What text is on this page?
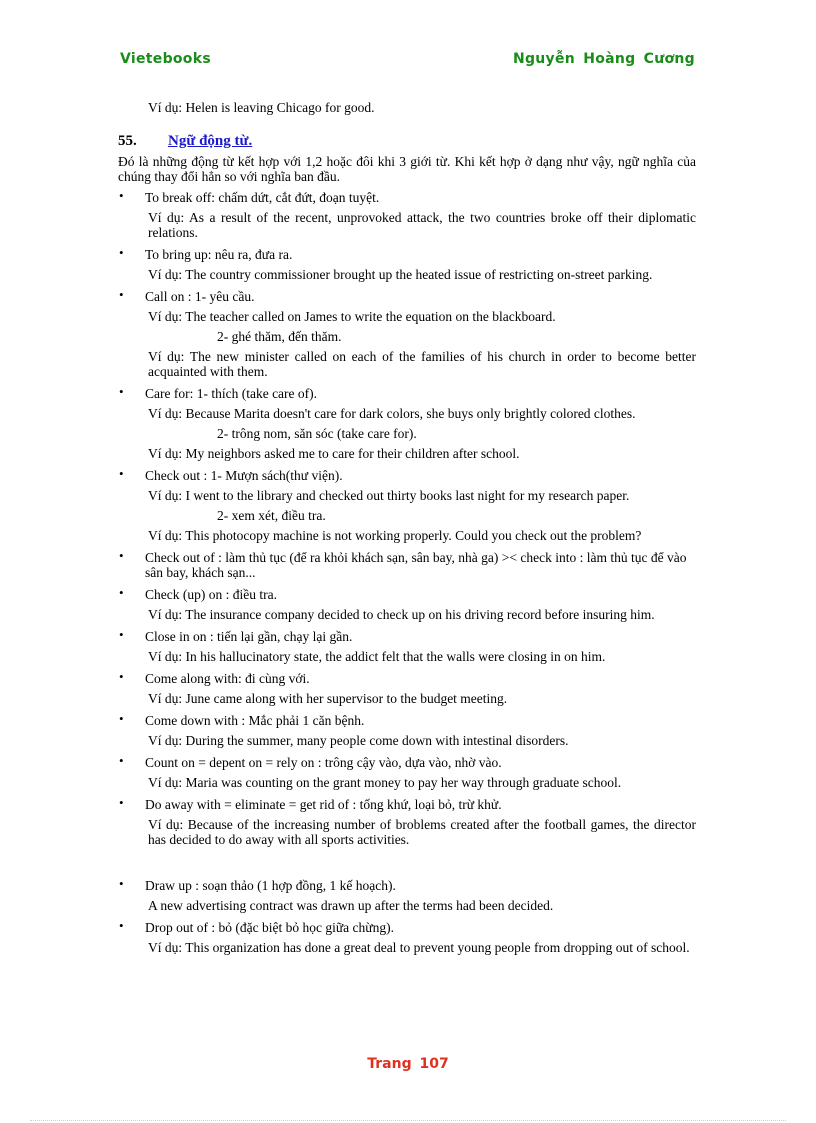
Vietebooks	Nguyễn Hoàng Cương
Ví dụ: Helen is leaving Chicago for good.
55.	Ngữ động từ.
Đó là những động từ kết hợp với 1,2 hoặc đôi khi 3 giới từ. Khi kết hợp ở dạng như vậy, ngữ nghĩa của chúng thay đổi hẳn so với nghĩa ban đầu.
• To break off: chấm dứt, cắt đứt, đoạn tuyệt.
Ví dụ: As a result of the recent, unprovoked attack, the two countries broke off their diplomatic relations.
• To bring up: nêu ra, đưa ra.
Ví dụ: The country commissioner brought up the heated issue of restricting on-street parking.
• Call on : 1- yêu cầu.
Ví dụ: The teacher called on James to write the equation on the blackboard.
2- ghé thăm, đến thăm.
Ví dụ: The new minister called on each of the families of his church in order to become better acquainted with them.
• Care for: 1- thích (take care of).
Ví dụ: Because Marita doesn't care for dark colors, she buys only brightly colored clothes.
2- trông nom, săn sóc (take care for).
Ví dụ: My neighbors asked me to care for their children after school.
• Check out : 1- Mượn sách(thư viện).
Ví dụ: I went to the library and checked out thirty books last night for my research paper.
2- xem xét, điều tra.
Ví dụ: This photocopy machine is not working properly. Could you check out the problem?
• Check out of : làm thủ tục (để ra khỏi khách sạn, sân bay, nhà ga) >< check into : làm thủ tục để vào sân bay, khách sạn...
• Check (up) on : điều tra.
Ví dụ: The insurance company decided to check up on his driving record before insuring him.
• Close in on : tiến lại gần, chạy lại gần.
Ví dụ: In his hallucinatory state, the addict felt that the walls were closing in on him.
• Come along with: đi cùng với.
Ví dụ: June came along with her supervisor to the budget meeting.
• Come down with : Mắc phải 1 căn bệnh.
Ví dụ: During the summer, many people come down with intestinal disorders.
• Count on = depent on = rely on : trông cậy vào, dựa vào, nhờ vào.
Ví dụ: Maria was counting on the grant money to pay her way through graduate school.
• Do away with = eliminate = get rid of : tống khứ, loại bỏ, trừ khử.
Ví dụ: Because of the increasing number of broblems created after the football games, the director has decided to do away with all sports activities.
• Draw up : soạn thảo (1 hợp đồng, 1 kế hoạch).
A new advertising contract was drawn up after the terms had been decided.
• Drop out of : bỏ (đặc biệt bỏ học giữa chừng).
Ví dụ: This organization has done a great deal to prevent young people from dropping out of school.
Trang 107
